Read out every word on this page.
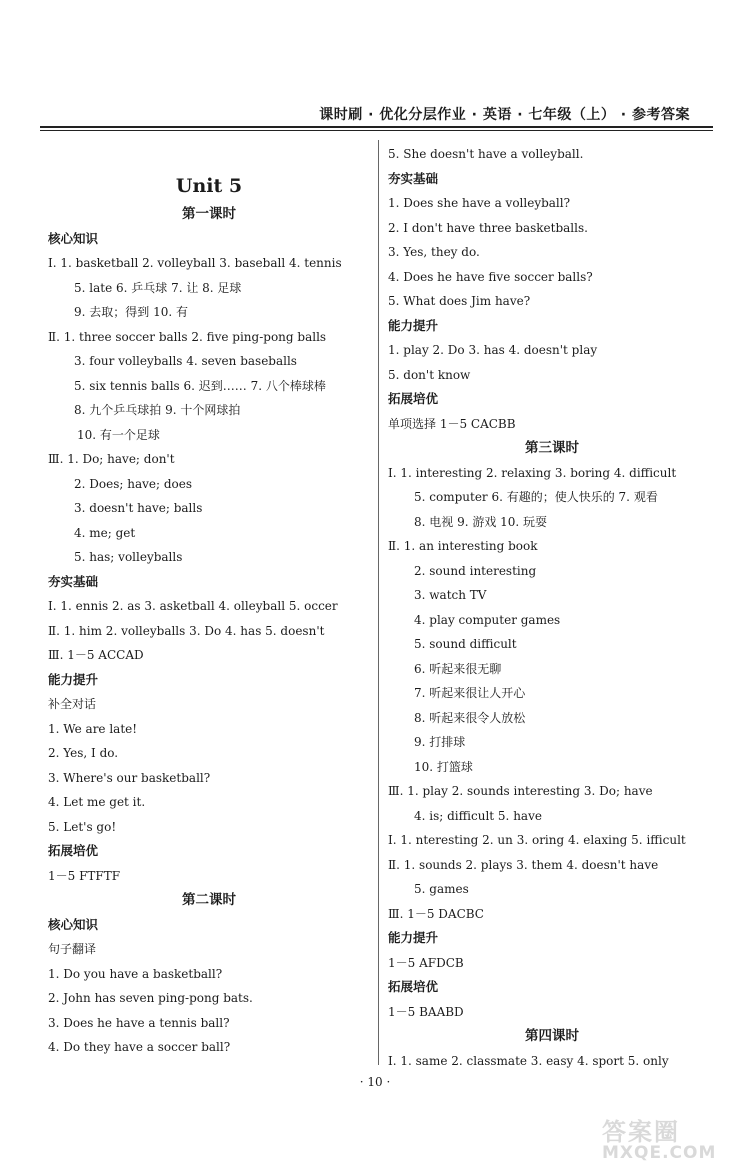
课时刷 · 优化分层作业 · 英语 · 七年级（上） · 参考答案
Unit 5
第一课时
核心知识
Ⅰ. 1. basketball 2. volleyball 3. baseball 4. tennis
5. late 6. 乒乓球 7. 让 8. 足球
9. 去取；得到 10. 有
Ⅱ. 1. three soccer balls 2. five ping-pong balls
3. four volleyballs 4. seven baseballs
5. six tennis balls 6. 迟到…… 7. 八个棒球棒
8. 九个乒乓球拍 9. 十个网球拍
10. 有一个足球
Ⅲ. 1. Do; have; don't
2. Does; have; does
3. doesn't have; balls
4. me; get
5. has; volleyballs
夯实基础
Ⅰ. 1. ennis 2. as 3. asketball 4. olleyball 5. occer
Ⅱ. 1. him 2. volleyballs 3. Do 4. has 5. doesn't
Ⅲ. 1－5 ACCAD
能力提升
补全对话
1. We are late!
2. Yes, I do.
3. Where's our basketball?
4. Let me get it.
5. Let's go!
拓展培优
1－5 FTFTF
第二课时
核心知识
句子翻译
1. Do you have a basketball?
2. John has seven ping-pong bats.
3. Does he have a tennis ball?
4. Do they have a soccer ball?
5. She doesn't have a volleyball.
夯实基础
1. Does she have a volleyball?
2. I don't have three basketballs.
3. Yes, they do.
4. Does he have five soccer balls?
5. What does Jim have?
能力提升
1. play 2. Do 3. has 4. doesn't play
5. don't know
拓展培优
单项选择 1－5 CACBB
第三课时
Ⅰ. 1. interesting 2. relaxing 3. boring 4. difficult
5. computer 6. 有趣的；使人快乐的 7. 观看
8. 电视 9. 游戏 10. 玩耍
Ⅱ. 1. an interesting book
2. sound interesting
3. watch TV
4. play computer games
5. sound difficult
6. 听起来很无聊
7. 听起来很让人开心
8. 听起来很令人放松
9. 打排球
10. 打篮球
Ⅲ. 1. play 2. sounds interesting 3. Do; have
4. is; difficult 5. have
Ⅰ. 1. nteresting 2. un 3. oring 4. elaxing 5. ifficult
Ⅱ. 1. sounds 2. plays 3. them 4. doesn't have
5. games
Ⅲ. 1－5 DACBC
能力提升
1－5 AFDCB
拓展培优
1－5 BAABD
第四课时
Ⅰ. 1. same 2. classmate 3. easy 4. sport 5. only
· 10 ·
答案圈
MXQE.COM
